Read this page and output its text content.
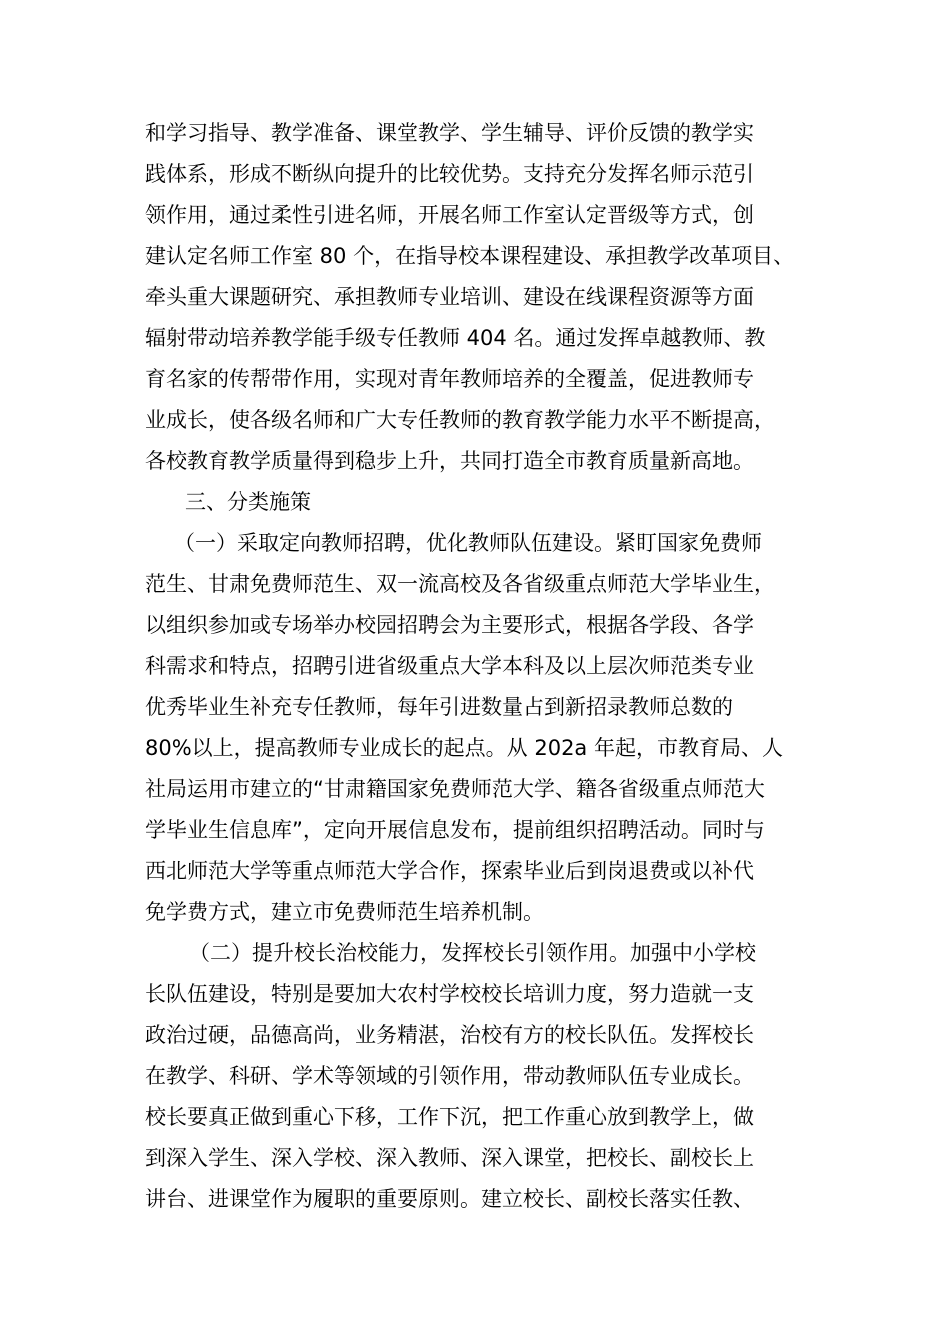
和学习指导、教学准备、课堂教学、学生辅导、评价反馈的教学实
践体系，形成不断纵向提升的比较优势。支持充分发挥名师示范引
领作用，通过柔性引进名师，开展名师工作室认定晋级等方式，创
建认定名师工作室 80 个，在指导校本课程建设、承担教学改革项目、
牵头重大课题研究、承担教师专业培训、建设在线课程资源等方面
辐射带动培养教学能手级专任教师 404 名。通过发挥卓越教师、教
育名家的传帮带作用，实现对青年教师培养的全覆盖，促进教师专
业成长，使各级名师和广大专任教师的教育教学能力水平不断提高，
各校教育教学质量得到稳步上升，共同打造全市教育质量新高地。
三、分类施策
（一）采取定向教师招聘，优化教师队伍建设。紧盯国家免费师
范生、甘肃免费师范生、双一流高校及各省级重点师范大学毕业生，
以组织参加或专场举办校园招聘会为主要形式，根据各学段、各学
科需求和特点，招聘引进省级重点大学本科及以上层次师范类专业
优秀毕业生补充专任教师，每年引进数量占到新招录教师总数的
80%以上，提高教师专业成长的起点。从 202a 年起，市教育局、人
社局运用市建立的“甘肃籍国家免费师范大学、籍各省级重点师范大
学毕业生信息库”，定向开展信息发布，提前组织招聘活动。同时与
西北师范大学等重点师范大学合作，探索毕业后到岗退费或以补代
免学费方式，建立市免费师范生培养机制。
（二）提升校长治校能力，发挥校长引领作用。加强中小学校
长队伍建设，特别是要加大农村学校校长培训力度，努力造就一支
政治过硬，品德高尚，业务精湛，治校有方的校长队伍。发挥校长
在教学、科研、学术等领域的引领作用，带动教师队伍专业成长。
校长要真正做到重心下移，工作下沉，把工作重心放到教学上，做
到深入学生、深入学校、深入教师、深入课堂，把校长、副校长上
讲台、进课堂作为履职的重要原则。建立校长、副校长落实任教、
